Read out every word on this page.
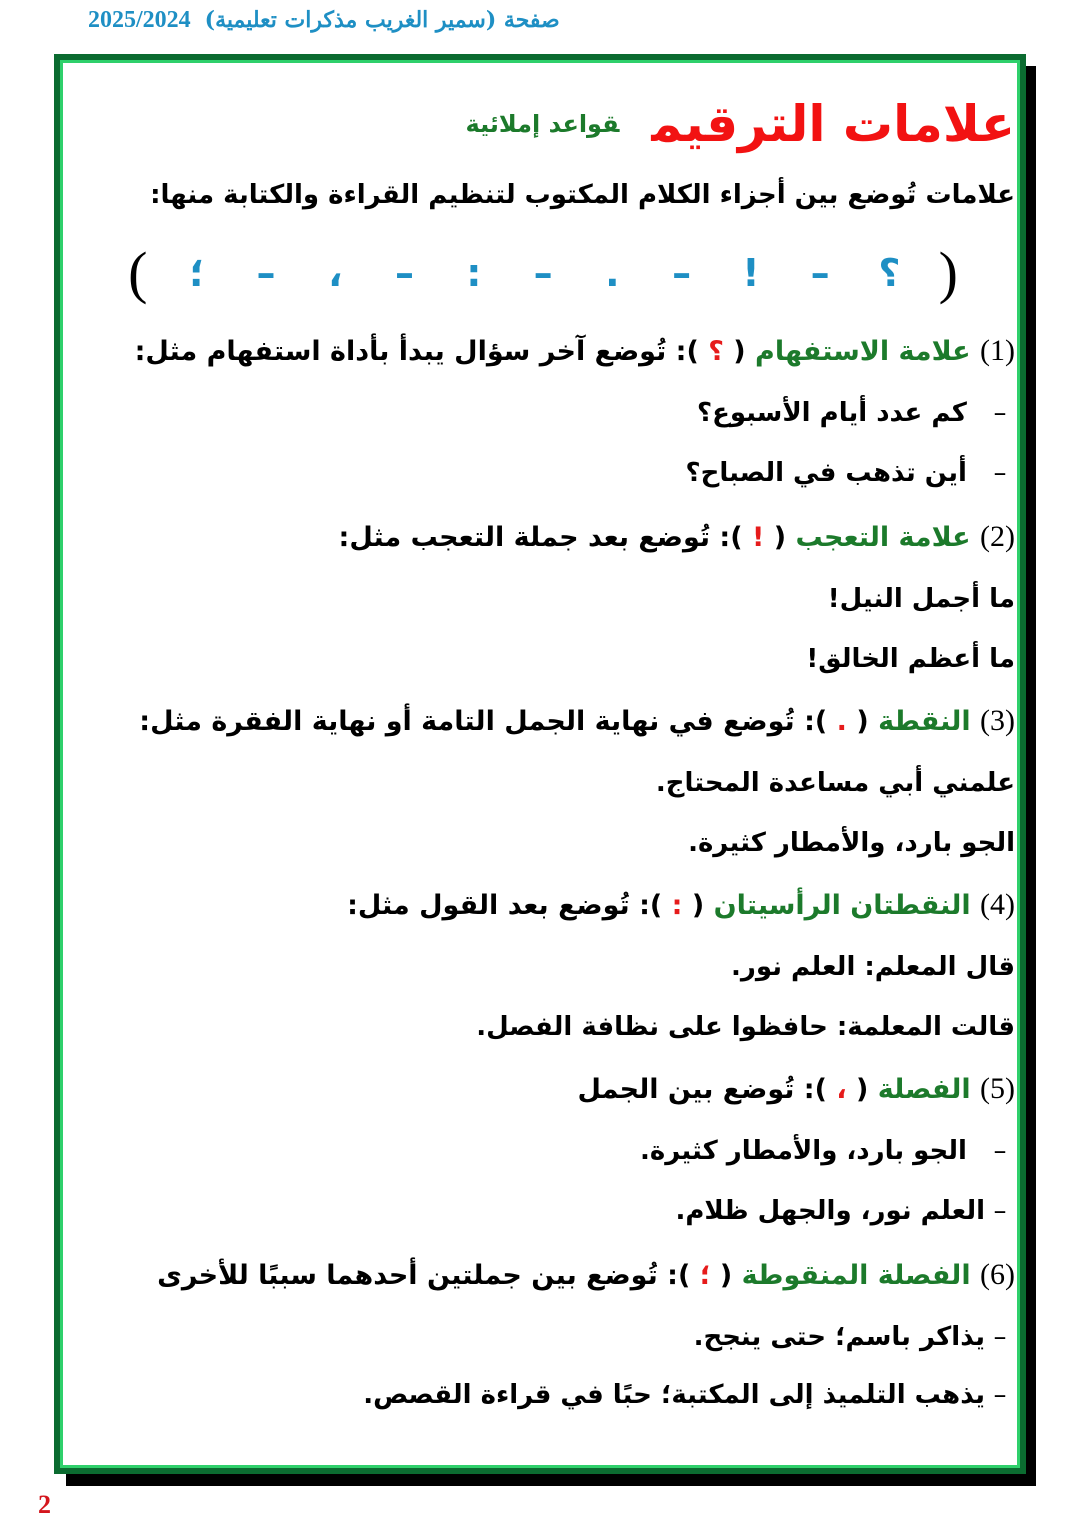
صفحة (سمير الغريب مذكرات تعليمية)2025/2024
علامات الترقيمقواعد إملائية
علامات تُوضع بين أجزاء الكلام المكتوب لتنظيم القراءة والكتابة منها:
(
؟
–
!
–
.
–
:
–
،
–
؛
)
(1) علامة الاستفهام ( ؟ ): تُوضع آخر سؤال يبدأ بأداة استفهام مثل:
–  كم عدد أيام الأسبوع؟
–  أين تذهب في الصباح؟
(2) علامة التعجب ( ! ): تُوضع بعد جملة التعجب مثل:
–
ما أجمل النيل!
–
ما أعظم الخالق!
(3) النقطة ( . ): تُوضع في نهاية الجمل التامة أو نهاية الفقرة مثل:
–
علمني أبي مساعدة المحتاج.
–
الجو بارد، والأمطار كثيرة.
(4) النقطتان الرأسيتان ( : ): تُوضع بعد القول مثل:
–
قال المعلم: العلم نور.
–
قالت المعلمة: حافظوا على نظافة الفصل.
(5) الفصلة ( ، ): تُوضع بين الجمل
–  الجو بارد، والأمطار كثيرة.
–العلم نور، والجهل ظلام.
(6) الفصلة المنقوطة ( ؛ ): تُوضع بين جملتين أحدهما سببًا للأخرى
–يذاكر باسم؛ حتى ينجح.
–يذهب التلميذ إلى المكتبة؛ حبًا في قراءة القصص.
2
